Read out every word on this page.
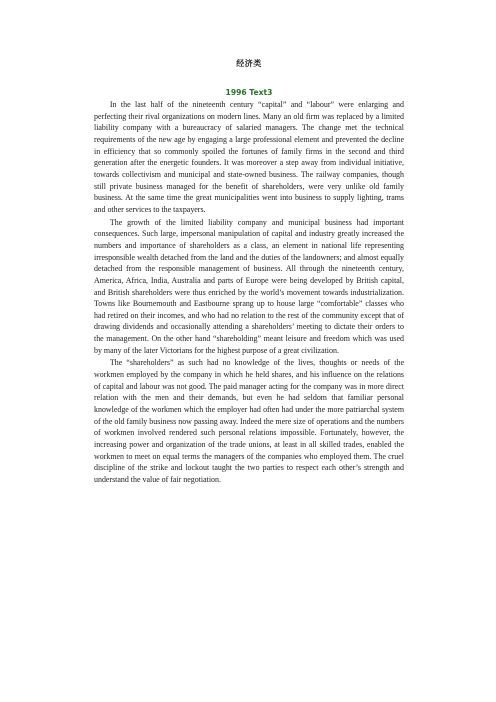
经济类
1996 Text3

In the last half of the nineteenth century “capital” and “labour” were enlarging and perfecting their rival organizations on modern lines. Many an old firm was replaced by a limited liability company with a bureaucracy of salaried managers. The change met the technical requirements of the new age by engaging a large professional element and prevented the decline in efficiency that so commonly spoiled the fortunes of family firms in the second and third generation after the energetic founders. It was moreover a step away from individual initiative, towards collectivism and municipal and state-owned business. The railway companies, though still private business managed for the benefit of shareholders, were very unlike old family business. At the same time the great municipalities went into business to supply lighting, trams and other services to the taxpayers.

The growth of the limited liability company and municipal business had important consequences. Such large, impersonal manipulation of capital and industry greatly increased the numbers and importance of shareholders as a class, an element in national life representing irresponsible wealth detached from the land and the duties of the landowners; and almost equally detached from the responsible management of business. All through the nineteenth century, America, Africa, India, Australia and parts of Europe were being developed by British capital, and British shareholders were thus enriched by the world’s movement towards industrialization. Towns like Bournemouth and Eastbourne sprang up to house large “comfortable” classes who had retired on their incomes, and who had no relation to the rest of the community except that of drawing dividends and occasionally attending a shareholders’ meeting to dictate their orders to the management. On the other hand “shareholding” meant leisure and freedom which was used by many of the later Victorians for the highest purpose of a great civilization.

The “shareholders” as such had no knowledge of the lives, thoughts or needs of the workmen employed by the company in which he held shares, and his influence on the relations of capital and labour was not good. The paid manager acting for the company was in more direct relation with the men and their demands, but even he had seldom that familiar personal knowledge of the workmen which the employer had often had under the more patriarchal system of the old family business now passing away. Indeed the mere size of operations and the numbers of workmen involved rendered such personal relations impossible. Fortunately, however, the increasing power and organization of the trade unions, at least in all skilled trades, enabled the workmen to meet on equal terms the managers of the companies who employed them. The cruel discipline of the strike and lockout taught the two parties to respect each other’s strength and understand the value of fair negotiation.
